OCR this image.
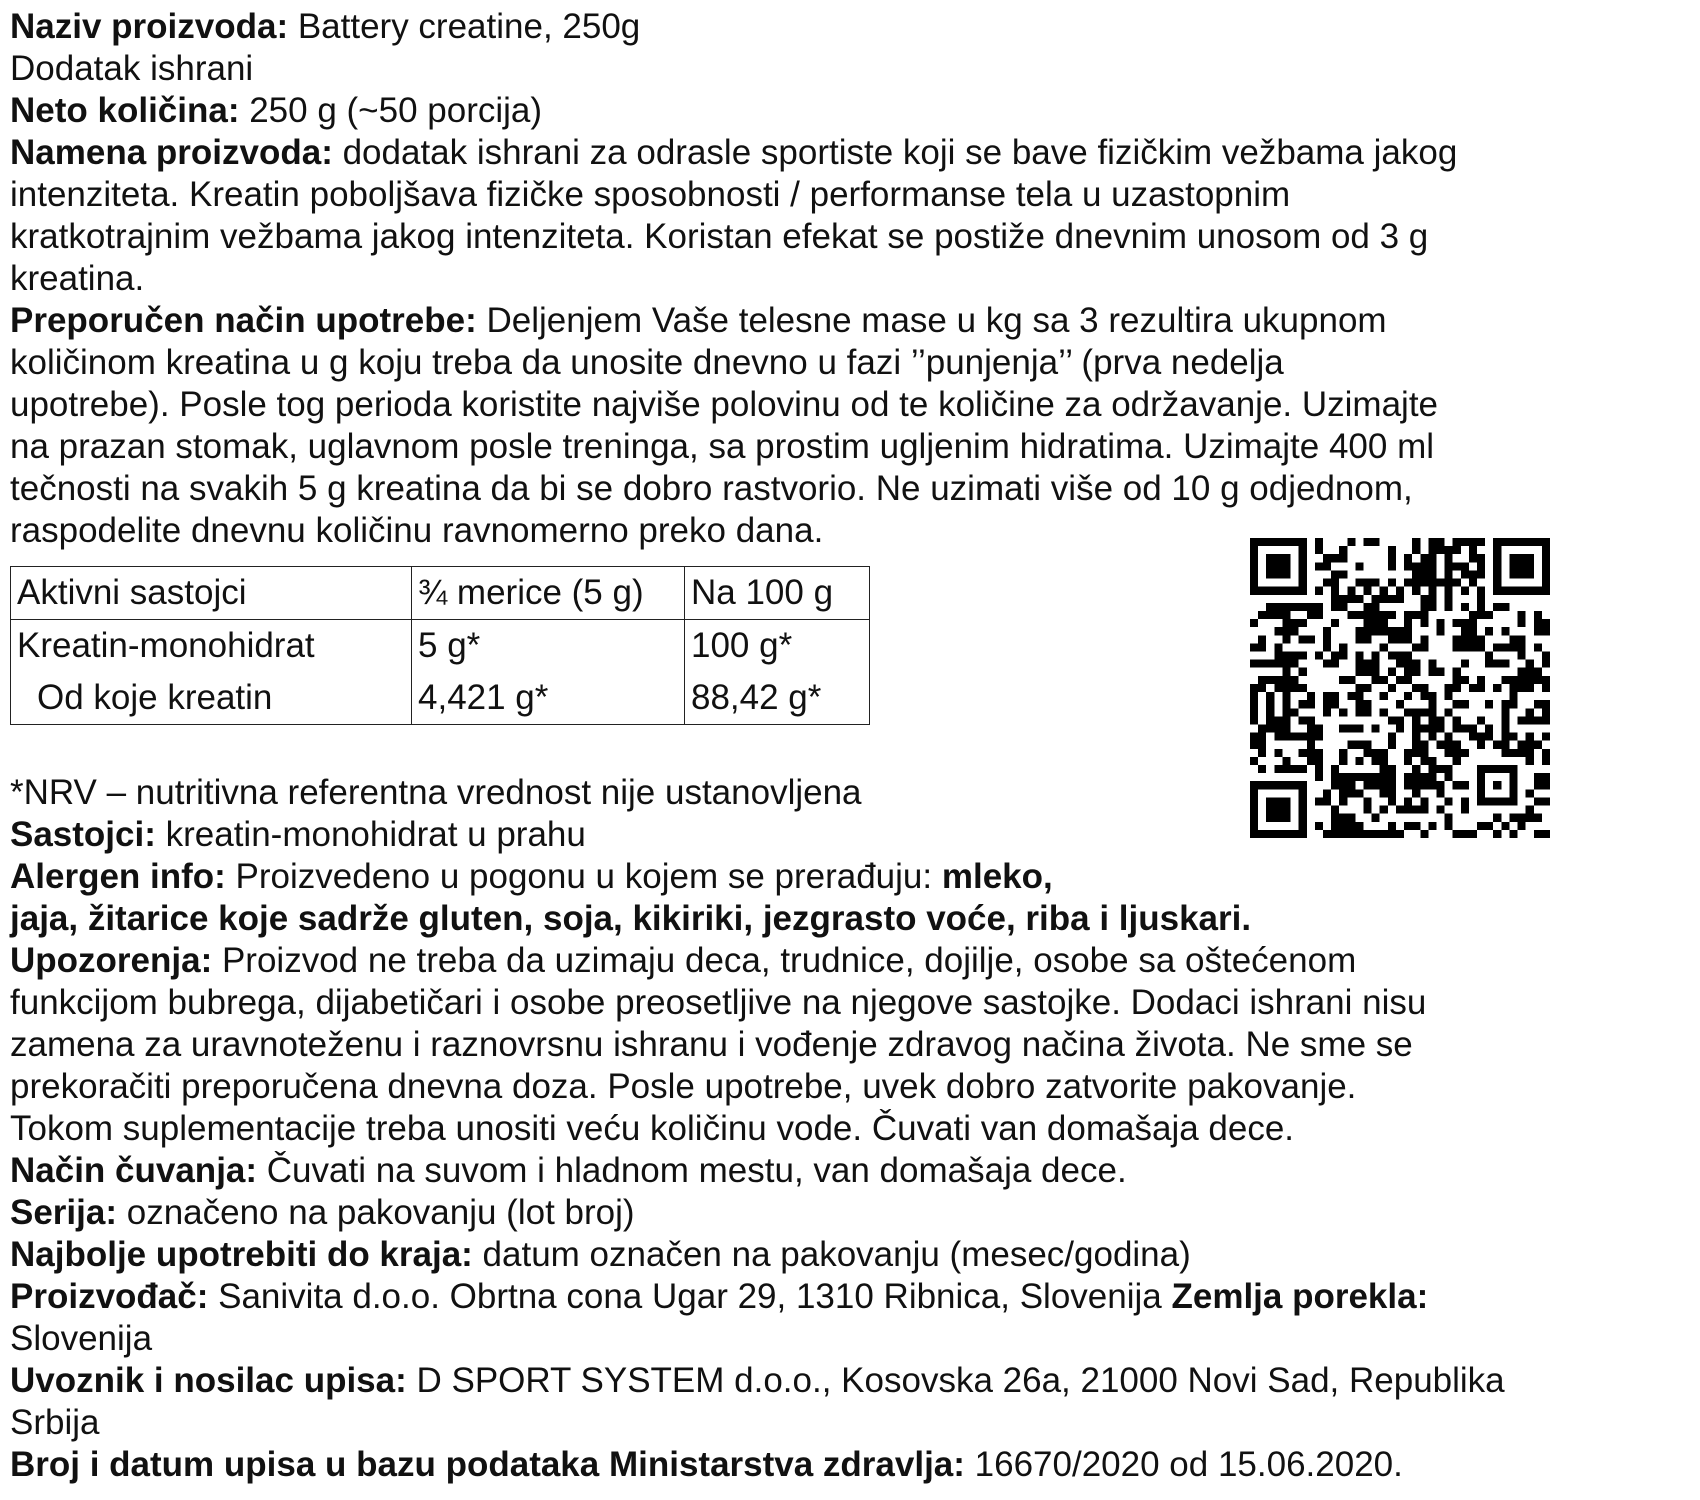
Naziv proizvoda: Battery creatine, 250g
Dodatak ishrani
Neto količina: 250 g (~50 porcija)
Namena proizvoda: dodatak ishrani za odrasle sportiste koji se bave fizičkim vežbama jakog
intenziteta. Kreatin poboljšava fizičke sposobnosti / performanse tela u uzastopnim
kratkotrajnim vežbama jakog intenziteta. Koristan efekat se postiže dnevnim unosom od 3 g
kreatina.
Preporučen način upotrebe: Deljenjem Vaše telesne mase u kg sa 3 rezultira ukupnom
količinom kreatina u g koju treba da unosite dnevno u fazi ’’punjenja’’ (prva nedelja
upotrebe). Posle tog perioda koristite najviše polovinu od te količine za održavanje. Uzimajte
na prazan stomak, uglavnom posle treninga, sa prostim ugljenim hidratima. Uzimajte 400 ml
tečnosti na svakih 5 g kreatina da bi se dobro rastvorio. Ne uzimati više od 10 g odjednom,
raspodelite dnevnu količinu ravnomerno preko dana.
Aktivni sastojci	¾ merice (5 g)	Na 100 g
Kreatin-monohidrat	5 g*	100 g*
Od koje kreatin	4,421 g*	88,42 g*
*NRV – nutritivna referentna vrednost nije ustanovljena
Sastojci: kreatin-monohidrat u prahu
Alergen info: Proizvedeno u pogonu u kojem se prerađuju: mleko,
jaja, žitarice koje sadrže gluten, soja, kikiriki, jezgrasto voće, riba i ljuskari.
Upozorenja: Proizvod ne treba da uzimaju deca, trudnice, dojilje, osobe sa oštećenom
funkcijom bubrega, dijabetičari i osobe preosetljive na njegove sastojke. Dodaci ishrani nisu
zamena za uravnoteženu i raznovrsnu ishranu i vođenje zdravog načina života. Ne sme se
prekoračiti preporučena dnevna doza. Posle upotrebe, uvek dobro zatvorite pakovanje.
Tokom suplementacije treba unositi veću količinu vode. Čuvati van domašaja dece.
Način čuvanja: Čuvati na suvom i hladnom mestu, van domašaja dece.
Serija: označeno na pakovanju (lot broj)
Najbolje upotrebiti do kraja: datum označen na pakovanju (mesec/godina)
Proizvođač: Sanivita d.o.o. Obrtna cona Ugar 29, 1310 Ribnica, Slovenija Zemlja porekla:
Slovenija
Uvoznik i nosilac upisa: D SPORT SYSTEM d.o.o., Kosovska 26a, 21000 Novi Sad, Republika
Srbija
Broj i datum upisa u bazu podataka Ministarstva zdravlja: 16670/2020 od 15.06.2020.
